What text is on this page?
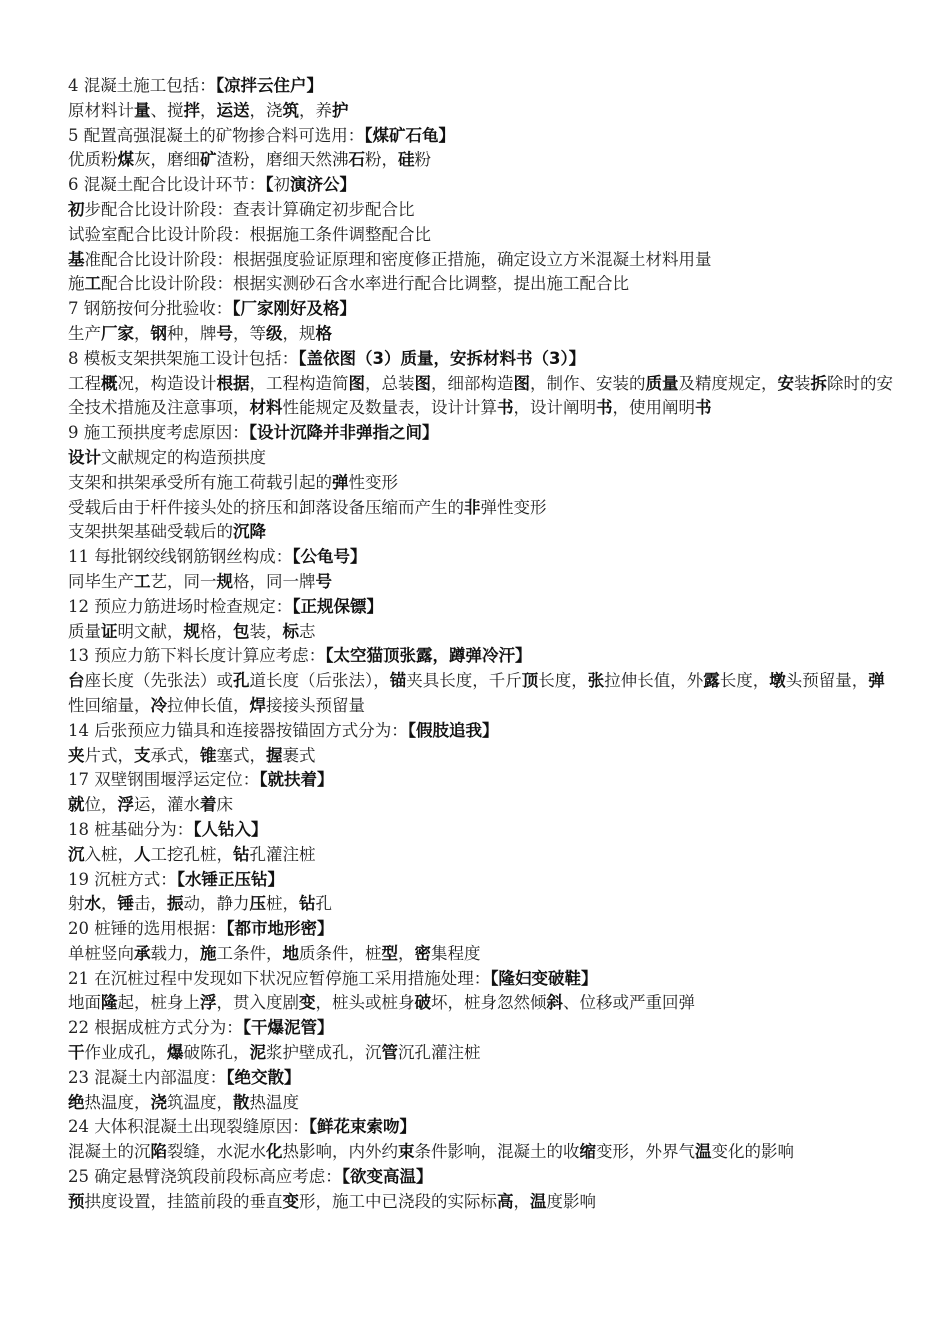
4 混凝土施工包括：【凉拌云住户】
原材料计量、搅拌，运送，浇筑，养护
5 配置高强混凝土的矿物掺合料可选用：【煤矿石龟】
优质粉煤灰，磨细矿渣粉，磨细天然沸石粉，硅粉
6 混凝土配合比设计环节：【初演济公】
初步配合比设计阶段：查表计算确定初步配合比
试验室配合比设计阶段：根据施工条件调整配合比
基准配合比设计阶段：根据强度验证原理和密度修正措施，确定设立方米混凝土材料用量
施工配合比设计阶段：根据实测砂石含水率进行配合比调整，提出施工配合比
7 钢筋按何分批验收：【厂家刚好及格】
生产厂家，钢种，牌号，等级，规格
8 模板支架拱架施工设计包括：【盖依图（3）质量，安拆材料书（3）】
工程概况，构造设计根据，工程构造简图，总装图，细部构造图，制作、安装的质量及精度规定，安装拆除时的安全技术措施及注意事项，材料性能规定及数量表，设计计算书，设计阐明书，使用阐明书
9 施工预拱度考虑原因：【设计沉降并非弹指之间】
设计文献规定的构造预拱度
支架和拱架承受所有施工荷载引起的弹性变形
受载后由于杆件接头处的挤压和卸落设备压缩而产生的非弹性变形
支架拱架基础受载后的沉降
11 每批钢绞线钢筋钢丝构成：【公龟号】
同毕生产工艺，同一规格，同一牌号
12 预应力筋进场时检查规定：【正规保镖】
质量证明文献，规格，包装，标志
13 预应力筋下料长度计算应考虑：【太空猫顶张露，蹲弹冷汗】
台座长度（先张法）或孔道长度（后张法），锚夹具长度，千斤顶长度，张拉伸长值，外露长度，墩头预留量，弹性回缩量，冷拉伸长值，焊接接头预留量
14 后张预应力锚具和连接器按锚固方式分为：【假肢追我】
夹片式，支承式，锥塞式，握裹式
17 双壁钢围堰浮运定位：【就扶着】
就位，浮运，灌水着床
18 桩基础分为：【人钻入】
沉入桩，人工挖孔桩，钻孔灌注桩
19 沉桩方式：【水锤正压钻】
射水，锤击，振动，静力压桩，钻孔
20 桩锤的选用根据：【都市地形密】
单桩竖向承载力，施工条件，地质条件，桩型，密集程度
21 在沉桩过程中发现如下状况应暂停施工采用措施处理：【隆妇变破鞋】
地面隆起，桩身上浮，贯入度剧变，桩头或桩身破坏，桩身忽然倾斜、位移或严重回弹
22 根据成桩方式分为：【干爆泥管】
干作业成孔，爆破陈孔，泥浆护壁成孔，沉管沉孔灌注桩
23 混凝土内部温度：【绝交散】
绝热温度，浇筑温度，散热温度
24 大体积混凝土出现裂缝原因：【鲜花束索吻】
混凝土的沉陷裂缝，水泥水化热影响，内外约束条件影响，混凝土的收缩变形，外界气温变化的影响
25 确定悬臂浇筑段前段标高应考虑：【欲变高温】
预拱度设置，挂篮前段的垂直变形，施工中已浇段的实际标高，温度影响
